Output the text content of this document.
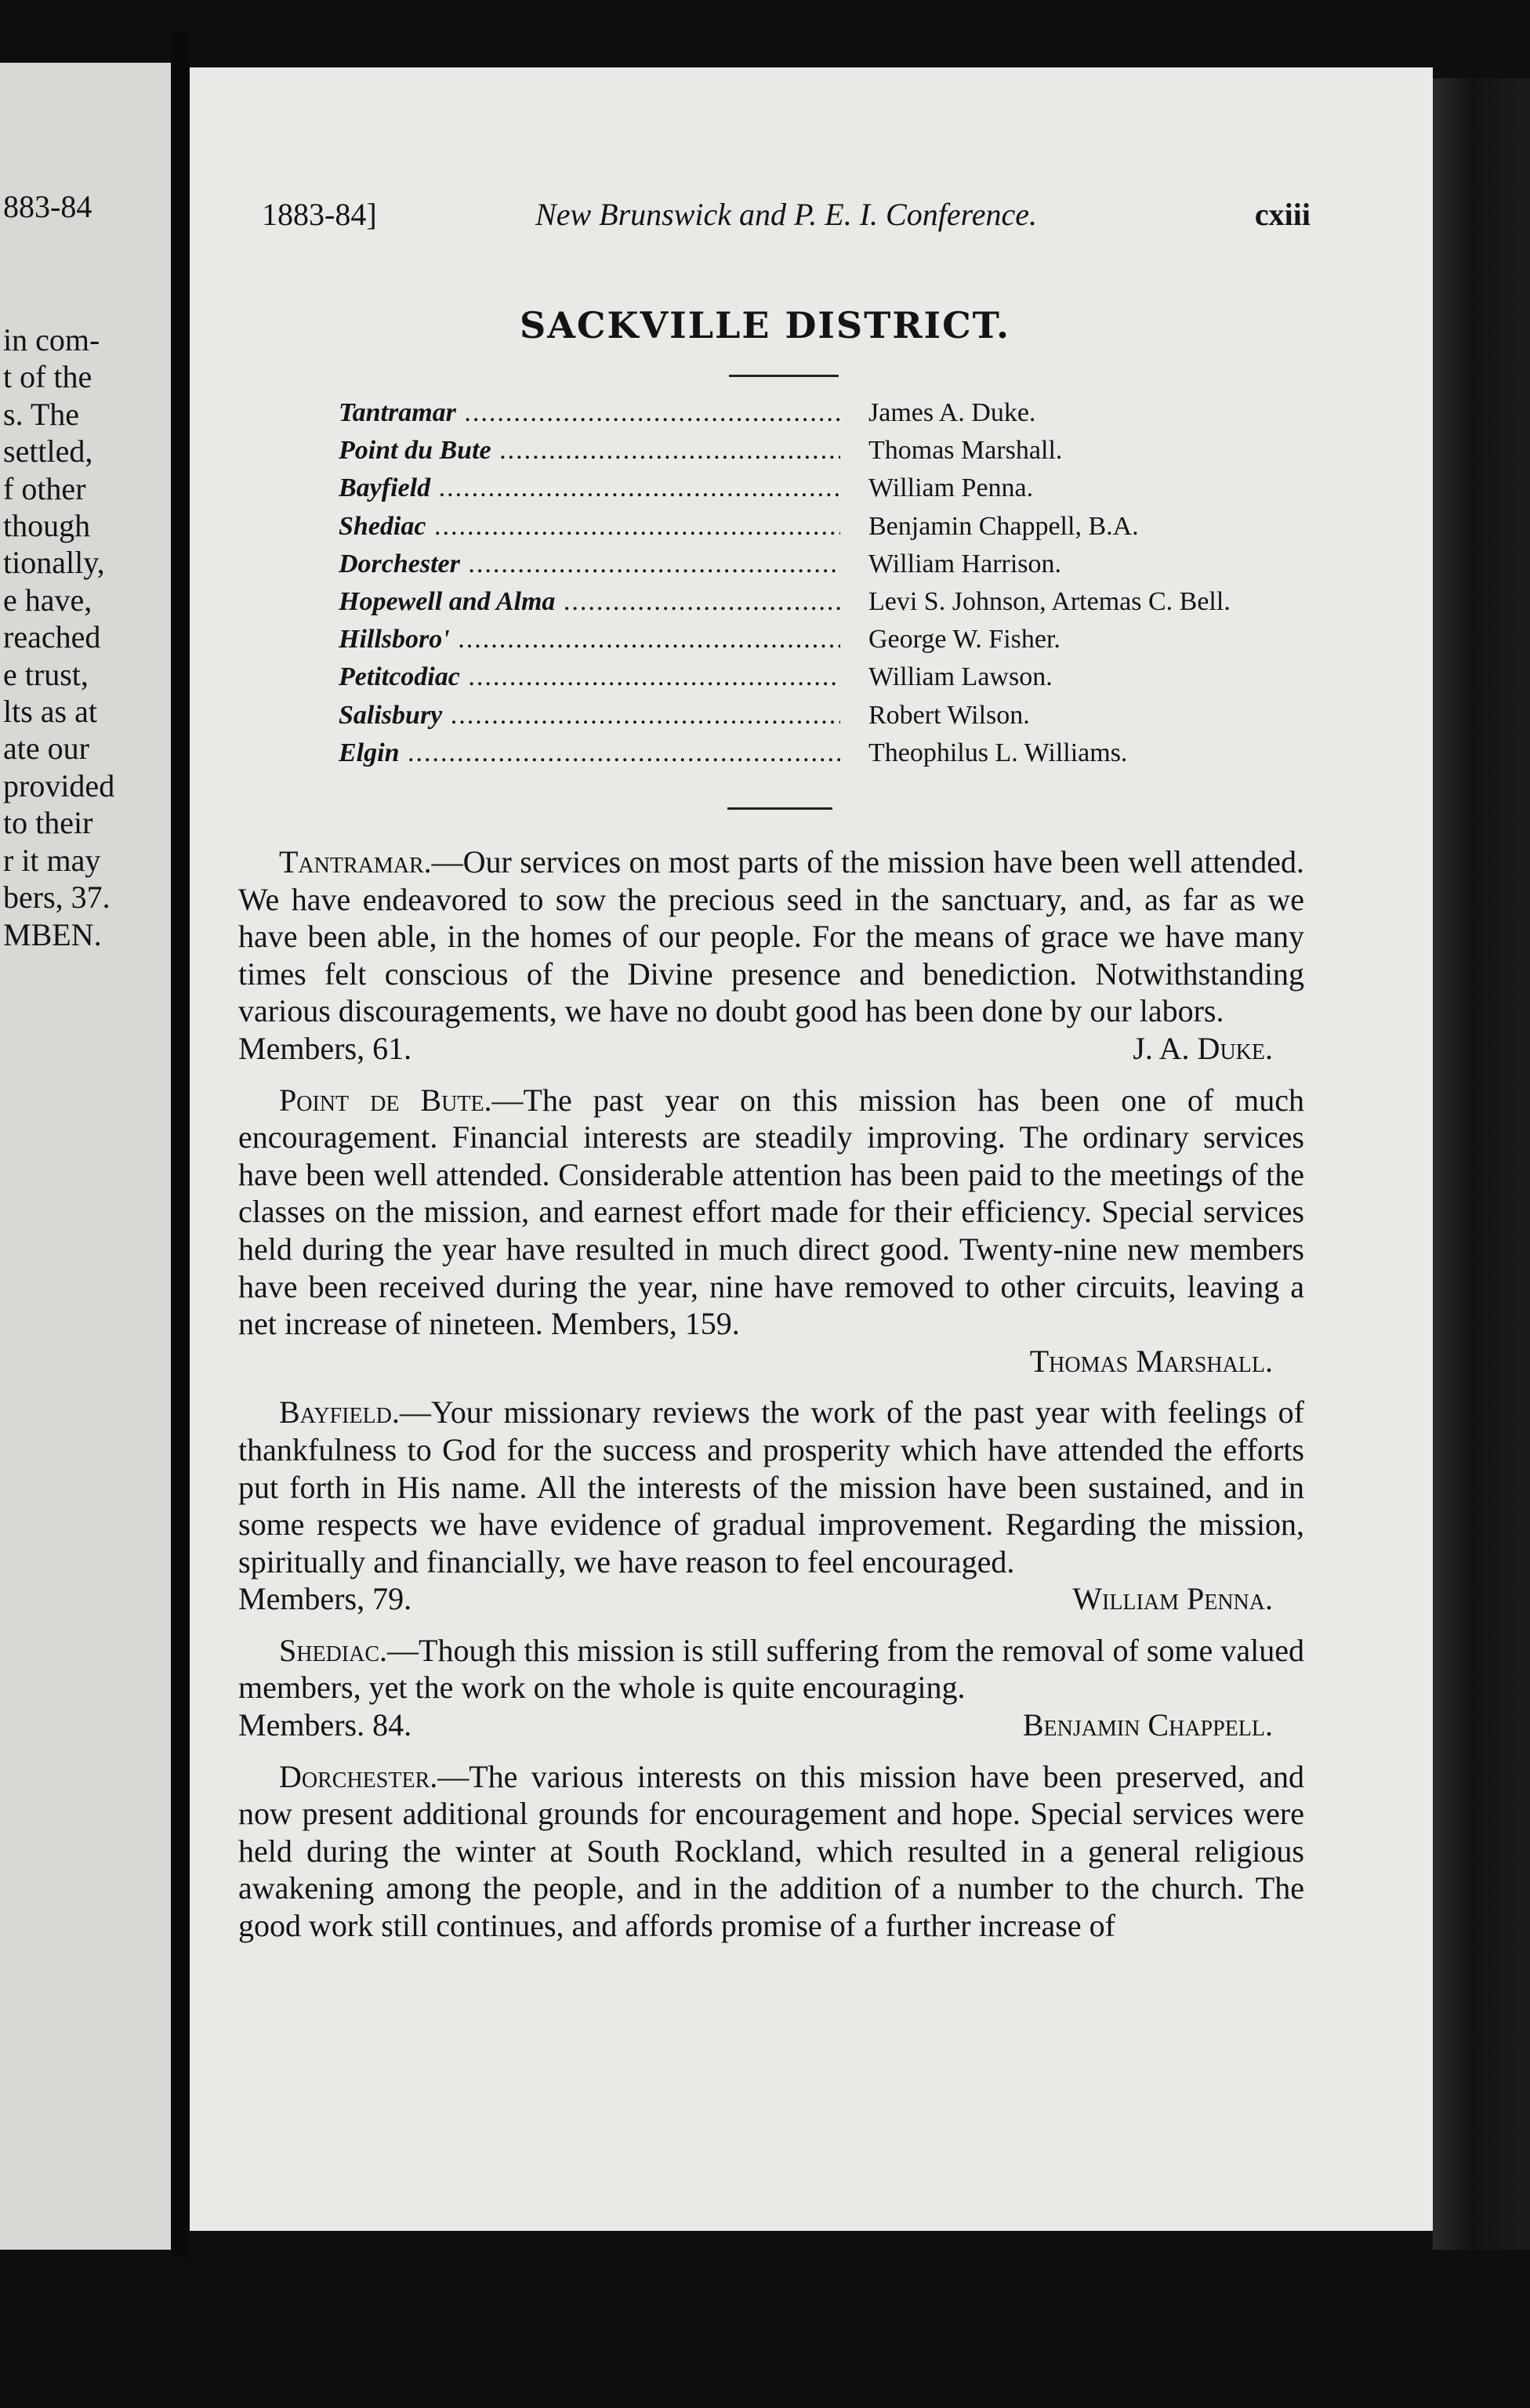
883-84
in com-
t of the
s. The
settled,
f other
though
tionally,
e have,
reached
e trust,
lts as at
ate our
provided
to their
r it may
bers, 37.
MBEN.
1883-84]	New Brunswick and P. E. I. Conference.	cxiii
SACKVILLE DISTRICT.
Tantramar .....	James A. Duke.
Point du Bute .....	Thomas Marshall.
Bayfield .....	William Penna.
Shediac .....	Benjamin Chappell, B.A.
Dorchester .....	William Harrison.
Hopewell and Alma .....	Levi S. Johnson, Artemas C. Bell.
Hillsboro' .....	George W. Fisher.
Petitcodiac .....	William Lawson.
Salisbury .....	Robert Wilson.
Elgin .....	Theophilus L. Williams.

Tantramar.—Our services on most parts of the mission have been well attended. We have endeavored to sow the precious seed in the sanctuary, and, as far as we have been able, in the homes of our people. For the means of grace we have many times felt conscious of the Divine presence and benediction. Notwithstanding various discouragements, we have no doubt good has been done by our labors.

Members, 61.	J. A. Duke.

Point de Bute.—The past year on this mission has been one of much encouragement. Financial interests are steadily improving. The ordinary services have been well attended. Considerable attention has been paid to the meetings of the classes on the mission, and earnest effort made for their efficiency. Special services held during the year have resulted in much direct good. Twenty-nine new members have been received during the year, nine have removed to other circuits, leaving a net increase of nineteen. Members, 159.

Thomas Marshall.

Bayfield.—Your missionary reviews the work of the past year with feelings of thankfulness to God for the success and prosperity which have attended the efforts put forth in His name. All the interests of the mission have been sustained, and in some respects we have evidence of gradual improvement. Regarding the mission, spiritually and financially, we have reason to feel encouraged.

Members, 79.	William Penna.

Shediac.—Though this mission is still suffering from the removal of some valued members, yet the work on the whole is quite encouraging.

Members. 84.	Benjamin Chappell.

Dorchester.—The various interests on this mission have been preserved, and now present additional grounds for encouragement and hope. Special services were held during the winter at South Rockland, which resulted in a general religious awakening among the people, and in the addition of a number to the church. The good work still continues, and affords promise of a further increase of
